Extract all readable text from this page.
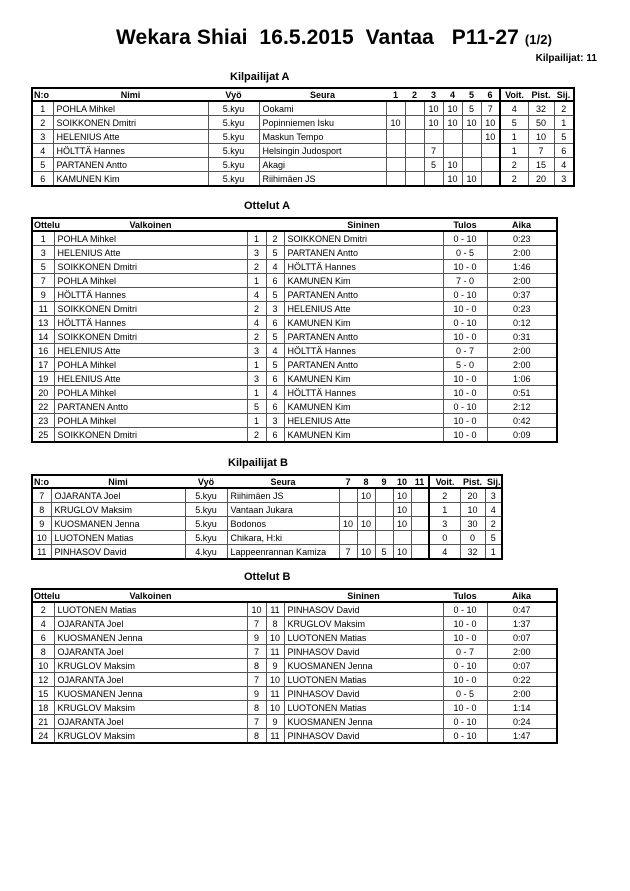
Wekara Shiai  16.5.2015  Vantaa   P11-27 (1/2)
Kilpailijat: 11
Kilpailijat A
N:o	Nimi	Vyö	Seura	1	2	3	4	5	6	Voit.	Pist.	Sij.
1	POHLA Mihkel	5.kyu	Ookami			10	10	5	7	4	32	2
2	SOIKKONEN Dmitri	5.kyu	Popinniemen Isku	10		10	10	10	10	5	50	1
3	HELENIUS Atte	5.kyu	Maskun Tempo						10	1	10	5
4	HÖLTTÄ Hannes	5.kyu	Helsingin Judosport			7				1	7	6
5	PARTANEN Antto	5.kyu	Akagi			5	10			2	15	4
6	KAMUNEN Kim	5.kyu	Riihimäen JS				10	10		2	20	3
Ottelut A
Ottelu	Valkoinen			Sininen	Tulos	Aika
1	POHLA Mihkel	1	2	SOIKKONEN Dmitri	0 - 10	0:23
3	HELENIUS Atte	3	5	PARTANEN Antto	0 - 5	2:00
5	SOIKKONEN Dmitri	2	4	HÖLTTÄ Hannes	10 - 0	1:46
7	POHLA Mihkel	1	6	KAMUNEN Kim	7 - 0	2:00
9	HÖLTTÄ Hannes	4	5	PARTANEN Antto	0 - 10	0:37
11	SOIKKONEN Dmitri	2	3	HELENIUS Atte	10 - 0	0:23
13	HÖLTTÄ Hannes	4	6	KAMUNEN Kim	0 - 10	0:12
14	SOIKKONEN Dmitri	2	5	PARTANEN Antto	10 - 0	0:31
16	HELENIUS Atte	3	4	HÖLTTÄ Hannes	0 - 7	2:00
17	POHLA Mihkel	1	5	PARTANEN Antto	5 - 0	2:00
19	HELENIUS Atte	3	6	KAMUNEN Kim	10 - 0	1:06
20	POHLA Mihkel	1	4	HÖLTTÄ Hannes	10 - 0	0:51
22	PARTANEN Antto	5	6	KAMUNEN Kim	0 - 10	2:12
23	POHLA Mihkel	1	3	HELENIUS Atte	10 - 0	0:42
25	SOIKKONEN Dmitri	2	6	KAMUNEN Kim	10 - 0	0:09
Kilpailijat B
N:o	Nimi	Vyö	Seura	7	8	9	10	11	Voit.	Pist.	Sij.
7	OJARANTA Joel	5.kyu	Riihimäen JS		10		10		2	20	3
8	KRUGLOV Maksim	5.kyu	Vantaan Jukara				10		1	10	4
9	KUOSMANEN Jenna	5.kyu	Bodonos	10	10		10		3	30	2
10	LUOTONEN Matias	5.kyu	Chikara, H:ki						0	0	5
11	PINHASOV David	4.kyu	Lappeenrannan Kamiza	7	10	5	10		4	32	1
Ottelut B
Ottelu	Valkoinen			Sininen	Tulos	Aika
2	LUOTONEN Matias	10	11	PINHASOV David	0 - 10	0:47
4	OJARANTA Joel	7	8	KRUGLOV Maksim	10 - 0	1:37
6	KUOSMANEN Jenna	9	10	LUOTONEN Matias	10 - 0	0:07
8	OJARANTA Joel	7	11	PINHASOV David	0 - 7	2:00
10	KRUGLOV Maksim	8	9	KUOSMANEN Jenna	0 - 10	0:07
12	OJARANTA Joel	7	10	LUOTONEN Matias	10 - 0	0:22
15	KUOSMANEN Jenna	9	11	PINHASOV David	0 - 5	2:00
18	KRUGLOV Maksim	8	10	LUOTONEN Matias	10 - 0	1:14
21	OJARANTA Joel	7	9	KUOSMANEN Jenna	0 - 10	0:24
24	KRUGLOV Maksim	8	11	PINHASOV David	0 - 10	1:47
